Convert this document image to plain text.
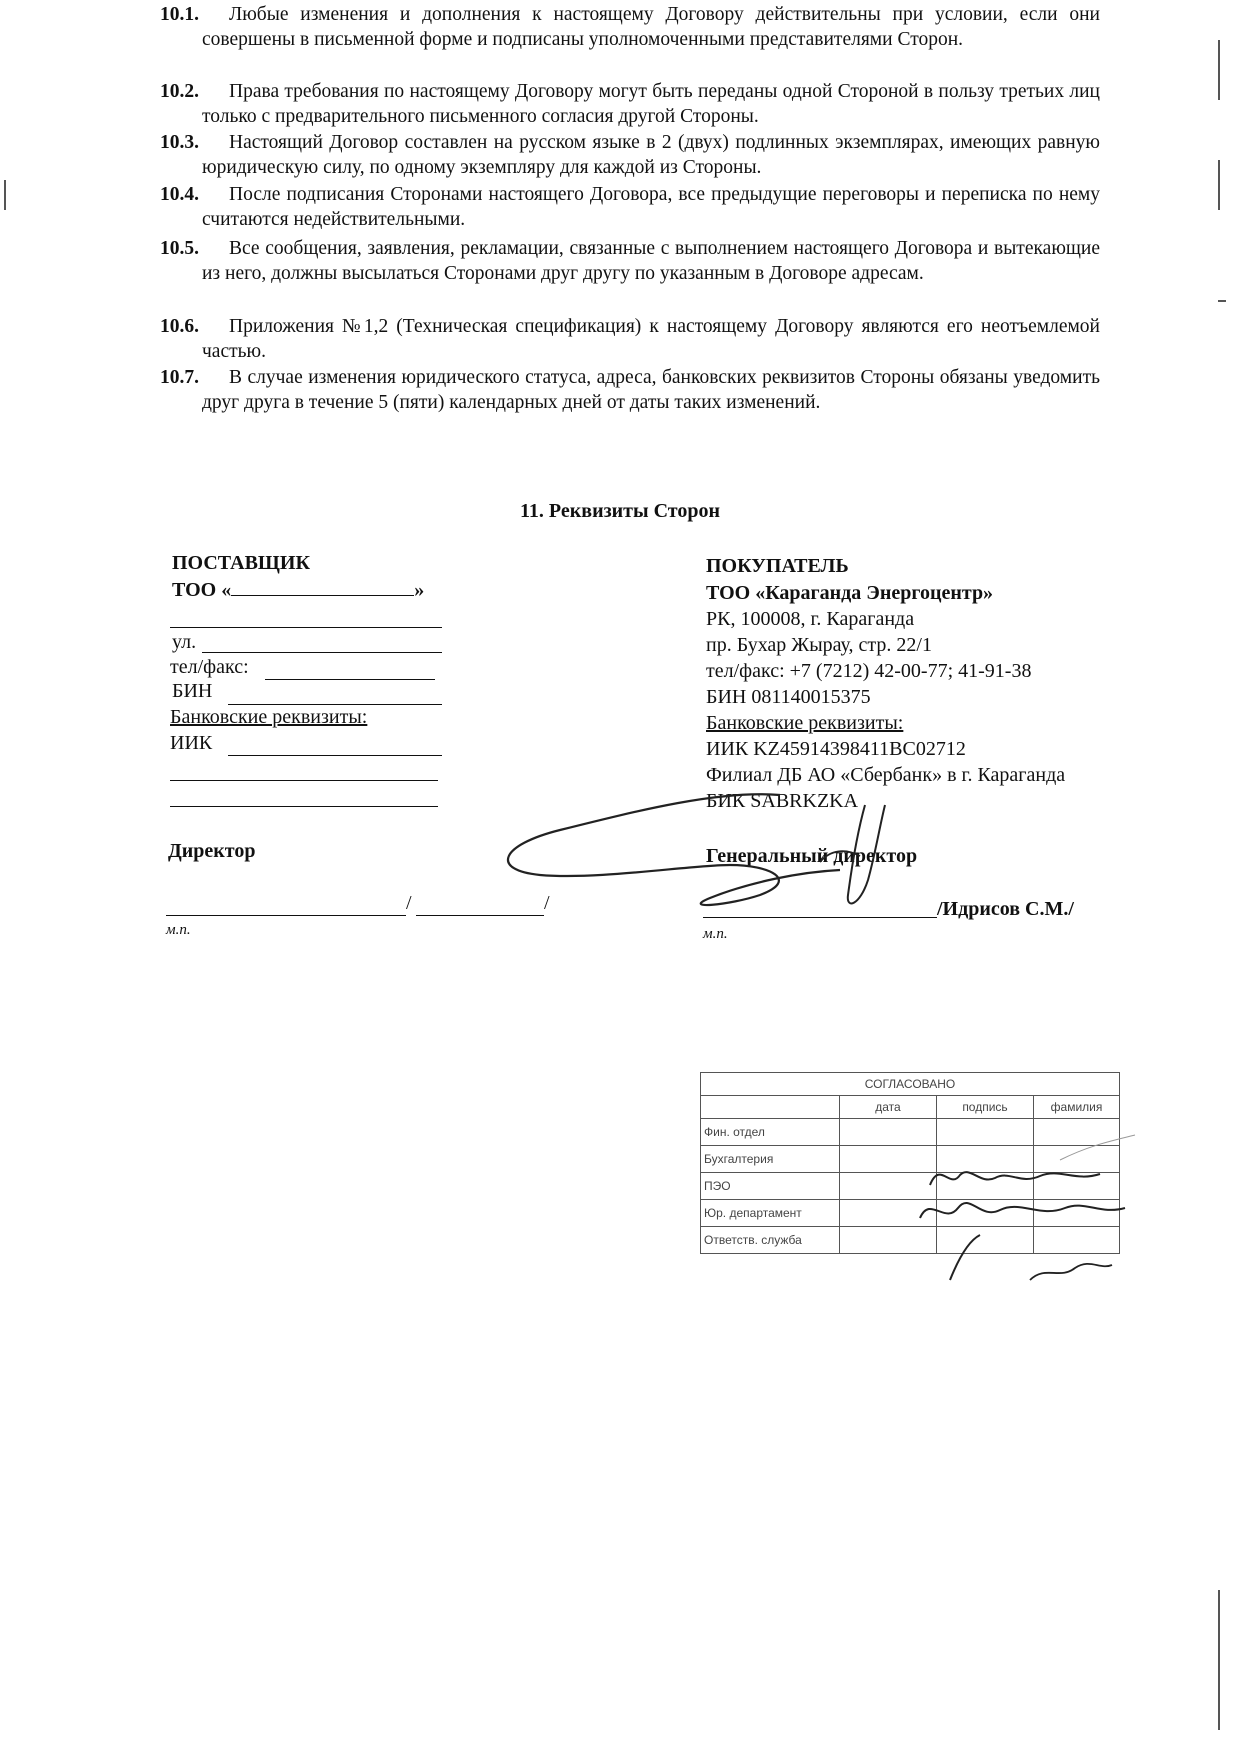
10.1.	Любые изменения и дополнения к настоящему Договору действительны при условии, если они совершены в письменной форме и подписаны уполномоченными представителями Сторон.
10.2.	Права требования по настоящему Договору могут быть переданы одной Стороной в пользу третьих лиц только с предварительного письменного согласия другой Стороны.
10.3.	Настоящий Договор составлен на русском языке в 2 (двух) подлинных экземплярах, имеющих равную юридическую силу, по одному экземпляру для каждой из Стороны.
10.4.	После подписания Сторонами настоящего Договора, все предыдущие переговоры и переписка по нему считаются недействительными.
10.5.	Все сообщения, заявления, рекламации, связанные с выполнением настоящего Договора и вытекающие из него, должны высылаться Сторонами друг другу по указанным в Договоре адресам.
10.6.	Приложения №1,2 (Техническая спецификация) к настоящему Договору являются его неотъемлемой частью.
10.7.	В случае изменения юридического статуса, адреса, банковских реквизитов Стороны обязаны уведомить друг друга в течение 5 (пяти) календарных дней от даты таких изменений.
11. Реквизиты Сторон
ПОСТАВЩИК
ТОО «	»
ул.
тел/факс:
БИН
Банковские реквизиты:
ИИК
Директор
/	/
м.п.
ПОКУПАТЕЛЬ
ТОО «Караганда Энергоцентр»
РК, 100008, г. Караганда
пр. Бухар Жырау, стр. 22/1
тел/факс: +7 (7212) 42-00-77; 41-91-38
БИН 081140015375
Банковские реквизиты:
ИИК KZ45914398411BC02712
Филиал ДБ АО «Сбербанк» в г. Караганда
БИК SABRKZKA
Генеральный директор
/Идрисов С.М./
м.п.
СОГЛАСОВАНО			
	дата	подпись	фамилия
Фин. отдел			
Бухгалтерия			
ПЭО			
Юр. департамент			
Ответств. служба			
